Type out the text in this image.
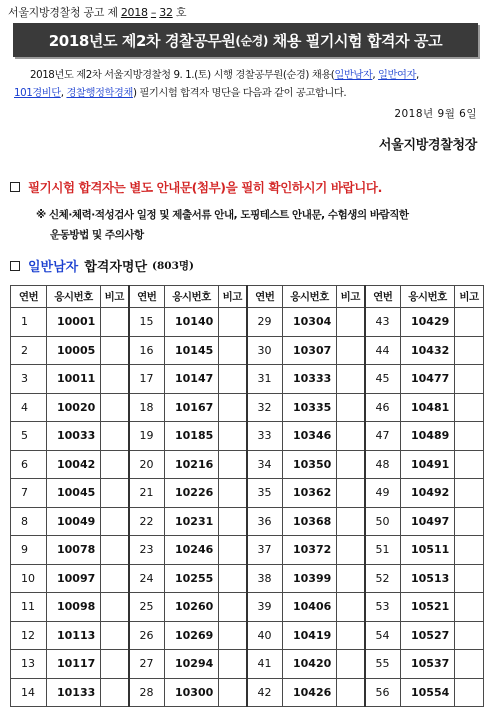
서울지방경찰청 공고 제 2018 – 32 호
2018년도 제2차 경찰공무원 (순경)
채용 필기시험 합격자 공고
2018년도 제2차 서울지방경찰청 9. 1.(토) 시행 경찰공무원(순경) 채용(일반남자, 일반여자,
101경비단, 경찰행정학경채) 필기시험 합격자 명단을 다음과 같이 공고합니다.
2018년 9월 6일
서울지방경찰청장
필기시험 합격자는 별도 안내문(첨부)을 필히 확인하시기 바랍니다.
※ 신체·체력·적성검사 일정 및 제출서류 안내, 도핑테스트 안내문, 수험생의 바람직한
운동방법 및 주의사항
일반남자 합격자명단 (803명)
연번	응시번호	비고	연번	응시번호	비고	연번	응시번호	비고	연번	응시번호	비고
1	10001		15	10140		29	10304		43	10429	
2	10005		16	10145		30	10307		44	10432	
3	10011		17	10147		31	10333		45	10477	
4	10020		18	10167		32	10335		46	10481	
5	10033		19	10185		33	10346		47	10489	
6	10042		20	10216		34	10350		48	10491	
7	10045		21	10226		35	10362		49	10492	
8	10049		22	10231		36	10368		50	10497	
9	10078		23	10246		37	10372		51	10511	
10	10097		24	10255		38	10399		52	10513	
11	10098		25	10260		39	10406		53	10521	
12	10113		26	10269		40	10419		54	10527	
13	10117		27	10294		41	10420		55	10537	
14	10133		28	10300		42	10426		56	10554	
